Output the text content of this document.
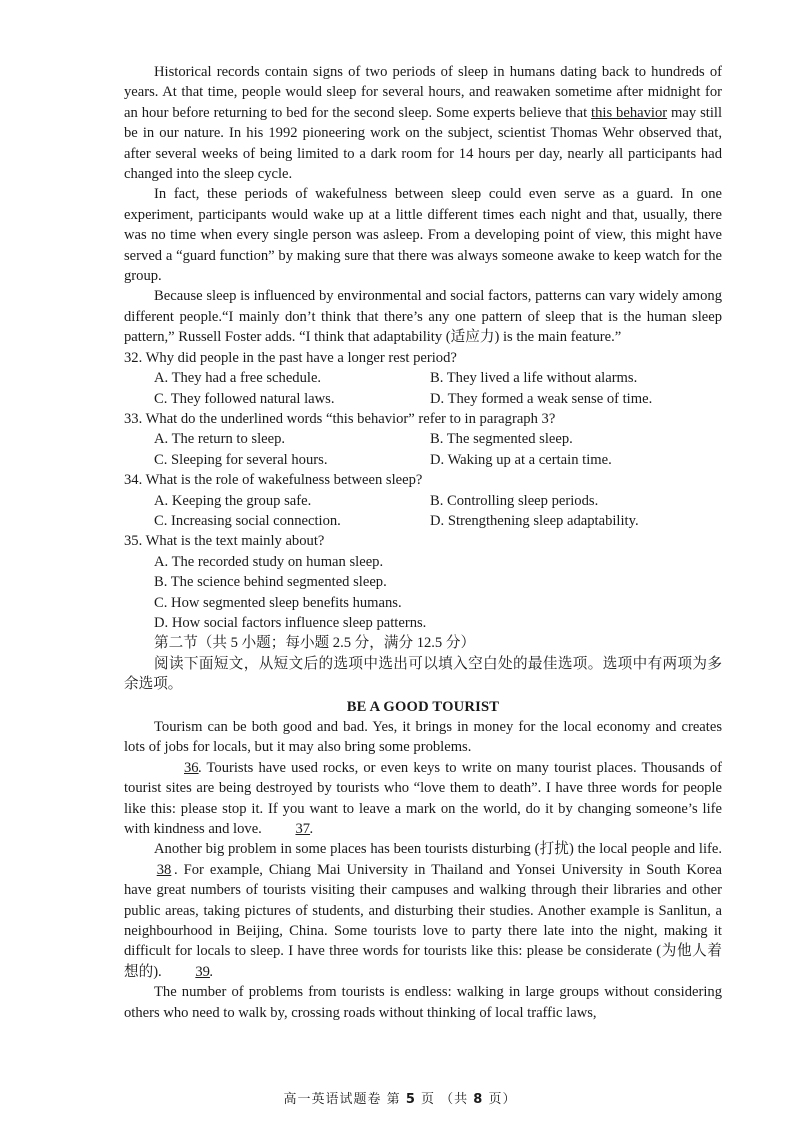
Historical records contain signs of two periods of sleep in humans dating back to hundreds of years. At that time, people would sleep for several hours, and reawaken sometime after midnight for an hour before returning to bed for the second sleep. Some experts believe that this behavior may still be in our nature. In his 1992 pioneering work on the subject, scientist Thomas Wehr observed that, after several weeks of being limited to a dark room for 14 hours per day, nearly all participants had changed into the sleep cycle.

In fact, these periods of wakefulness between sleep could even serve as a guard. In one experiment, participants would wake up at a little different times each night and that, usually, there was no time when every single person was asleep. From a developing point of view, this might have served a “guard function” by making sure that there was always someone awake to keep watch for the group.

Because sleep is influenced by environmental and social factors, patterns can vary widely among different people.“I mainly don’t think that there’s any one pattern of sleep that is the human sleep pattern,” Russell Foster adds. “I think that adaptability (适应力) is the main feature.”

32. Why did people in the past have a longer rest period?

A. They had a free schedule.	B. They lived a life without alarms.
C. They followed natural laws.	D. They formed a weak sense of time.

33. What do the underlined words “this behavior” refer to in paragraph 3?

A. The return to sleep.	B. The segmented sleep.
C. Sleeping for several hours.	D. Waking up at a certain time.

34. What is the role of wakefulness between sleep?

A. Keeping the group safe.	B. Controlling sleep periods.
C. Increasing social connection.	D. Strengthening sleep adaptability.

35. What is the text mainly about?

A. The recorded study on human sleep.
B. The science behind segmented sleep.
C. How segmented sleep benefits humans.
D. How social factors influence sleep patterns.

第二节（共 5 小题；每小题 2.5 分，满分 12.5 分）

阅读下面短文，从短文后的选项中选出可以填入空白处的最佳选项。选项中有两项为多余选项。

BE A GOOD TOURIST

Tourism can be both good and bad. Yes, it brings in money for the local economy and creates lots of jobs for locals, but it may also bring some problems.

36. Tourists have used rocks, or even keys to write on many tourist places. Thousands of tourist sites are being destroyed by tourists who “love them to death”. I have three words for people like this: please stop it. If you want to leave a mark on the world, do it by changing someone’s life with kindness and love. 37.

Another big problem in some places has been tourists disturbing (打扰) the local people and life. 38 . For example, Chiang Mai University in Thailand and Yonsei University in South Korea have great numbers of tourists visiting their campuses and walking through their libraries and other public areas, taking pictures of students, and disturbing their studies. Another example is Sanlitun, a neighbourhood in Beijing, China. Some tourists love to party there late into the night, making it difficult for locals to sleep. I have three words for tourists like this: please be considerate (为他人着想的). 39.

The number of problems from tourists is endless: walking in large groups without considering others who need to walk by, crossing roads without thinking of local traffic laws,

高一英语试题卷 第 5 页 （共 8 页）
